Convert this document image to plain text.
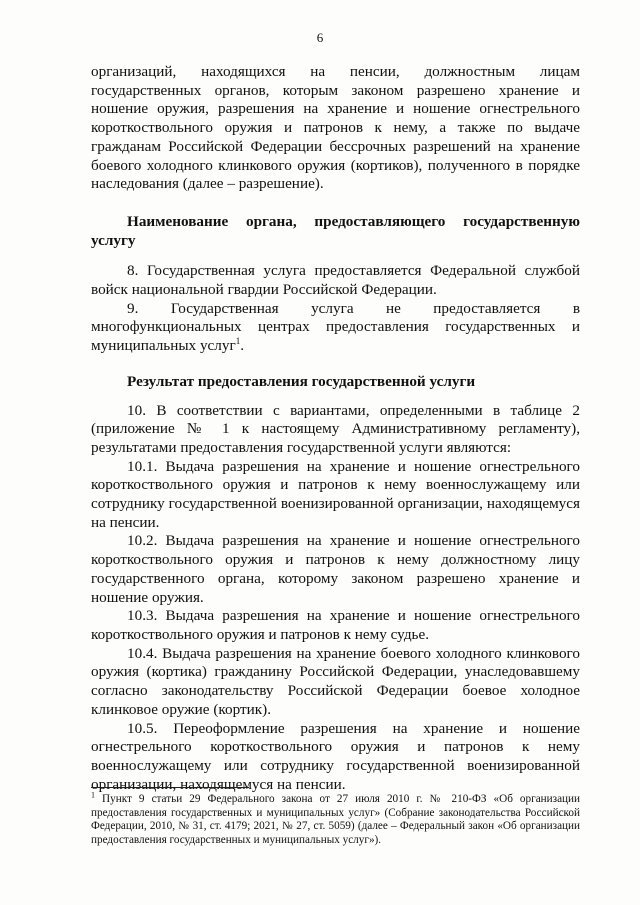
6

организаций, находящихся на пенсии, должностным лицам государственных органов, которым законом разрешено хранение и ношение оружия, разрешения на хранение и ношение огнестрельного короткоствольного оружия и патронов к нему, а также по выдаче гражданам Российской Федерации бессрочных разрешений на хранение боевого холодного клинкового оружия (кортиков), полученного в порядке наследования (далее – разрешение).

Наименование органа, предоставляющего государственную услугу

8. Государственная услуга предоставляется Федеральной службой войск национальной гвардии Российской Федерации.

9. Государственная услуга не предоставляется в многофункциональных центрах предоставления государственных и муниципальных услуг$^1$.

Результат предоставления государственной услуги

10. В соответствии с вариантами, определенными в таблице 2 (приложение № 1 к настоящему Административному регламенту), результатами предоставления государственной услуги являются:

10.1. Выдача разрешения на хранение и ношение огнестрельного короткоствольного оружия и патронов к нему военнослужащему или сотруднику государственной военизированной организации, находящемуся на пенсии.

10.2. Выдача разрешения на хранение и ношение огнестрельного короткоствольного оружия и патронов к нему должностному лицу государственного органа, которому законом разрешено хранение и ношение оружия.

10.3. Выдача разрешения на хранение и ношение огнестрельного короткоствольного оружия и патронов к нему судье.

10.4. Выдача разрешения на хранение боевого холодного клинкового оружия (кортика) гражданину Российской Федерации, унаследовавшему согласно законодательству Российской Федерации боевое холодное клинковое оружие (кортик).

10.5. Переоформление разрешения на хранение и ношение огнестрельного короткоствольного оружия и патронов к нему военнослужащему или сотруднику государственной военизированной организации, находящемуся на пенсии.

$^1$ Пункт 9 статьи 29 Федерального закона от 27 июля 2010 г. № 210-ФЗ «Об организации предоставления государственных и муниципальных услуг» (Собрание законодательства Российской Федерации, 2010, № 31, ст. 4179; 2021, № 27, ст. 5059) (далее – Федеральный закон «Об организации предоставления государственных и муниципальных услуг»).
